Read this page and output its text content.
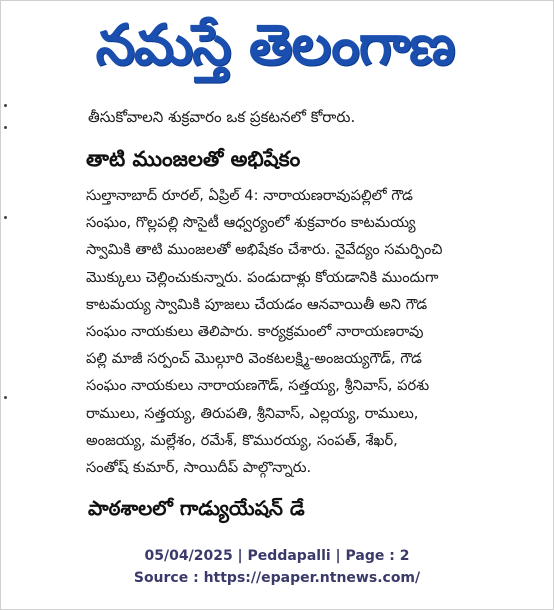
నమస్తే తెలంగాణ
తీసుకోవాలని శుక్రవారం ఒక ప్రకటనలో కోరారు.
తాటి ముంజలతో అభిషేకం
సుల్తానాబాద్ రూరల్, ఏప్రిల్ 4: నారాయణరావుపల్లిలో గౌడ
సంఘం, గొల్లపల్లి సొసైటీ ఆధ్వర్యంలో శుక్రవారం కాటమయ్య
స్వామికి తాటి ముంజలతో అభిషేకం చేశారు. నైవేద్యం సమర్పించి
మొక్కులు చెల్లించుకున్నారు. పండుదాళ్లు కోయడానికి ముందుగా
కాటమయ్య స్వామికి పూజలు చేయడం ఆనవాయితీ అని గౌడ
సంఘం నాయకులు తెలిపారు. కార్యక్రమంలో నారాయణరావు
పల్లి మాజీ సర్పంచ్ మొల్గూరి వెంకటలక్ష్మి-అంజయ్యగౌడ్, గౌడ
సంఘం నాయకులు నారాయణగౌడ్, సత్తయ్య, శ్రీనివాస్, పరశు
రాములు, సత్తయ్య, తిరుపతి, శ్రీనివాస్, ఎల్లయ్య, రాములు,
అంజయ్య, మల్లేశం, రమేశ్, కొమురయ్య, సంపత్, శేఖర్,
సంతోష్ కుమార్, సాయిదీప్ పాల్గొన్నారు.
పాఠశాలలో గాడ్యుయేషన్ డే
05/04/2025 | Peddapalli | Page : 2
Source : https://epaper.ntnews.com/
